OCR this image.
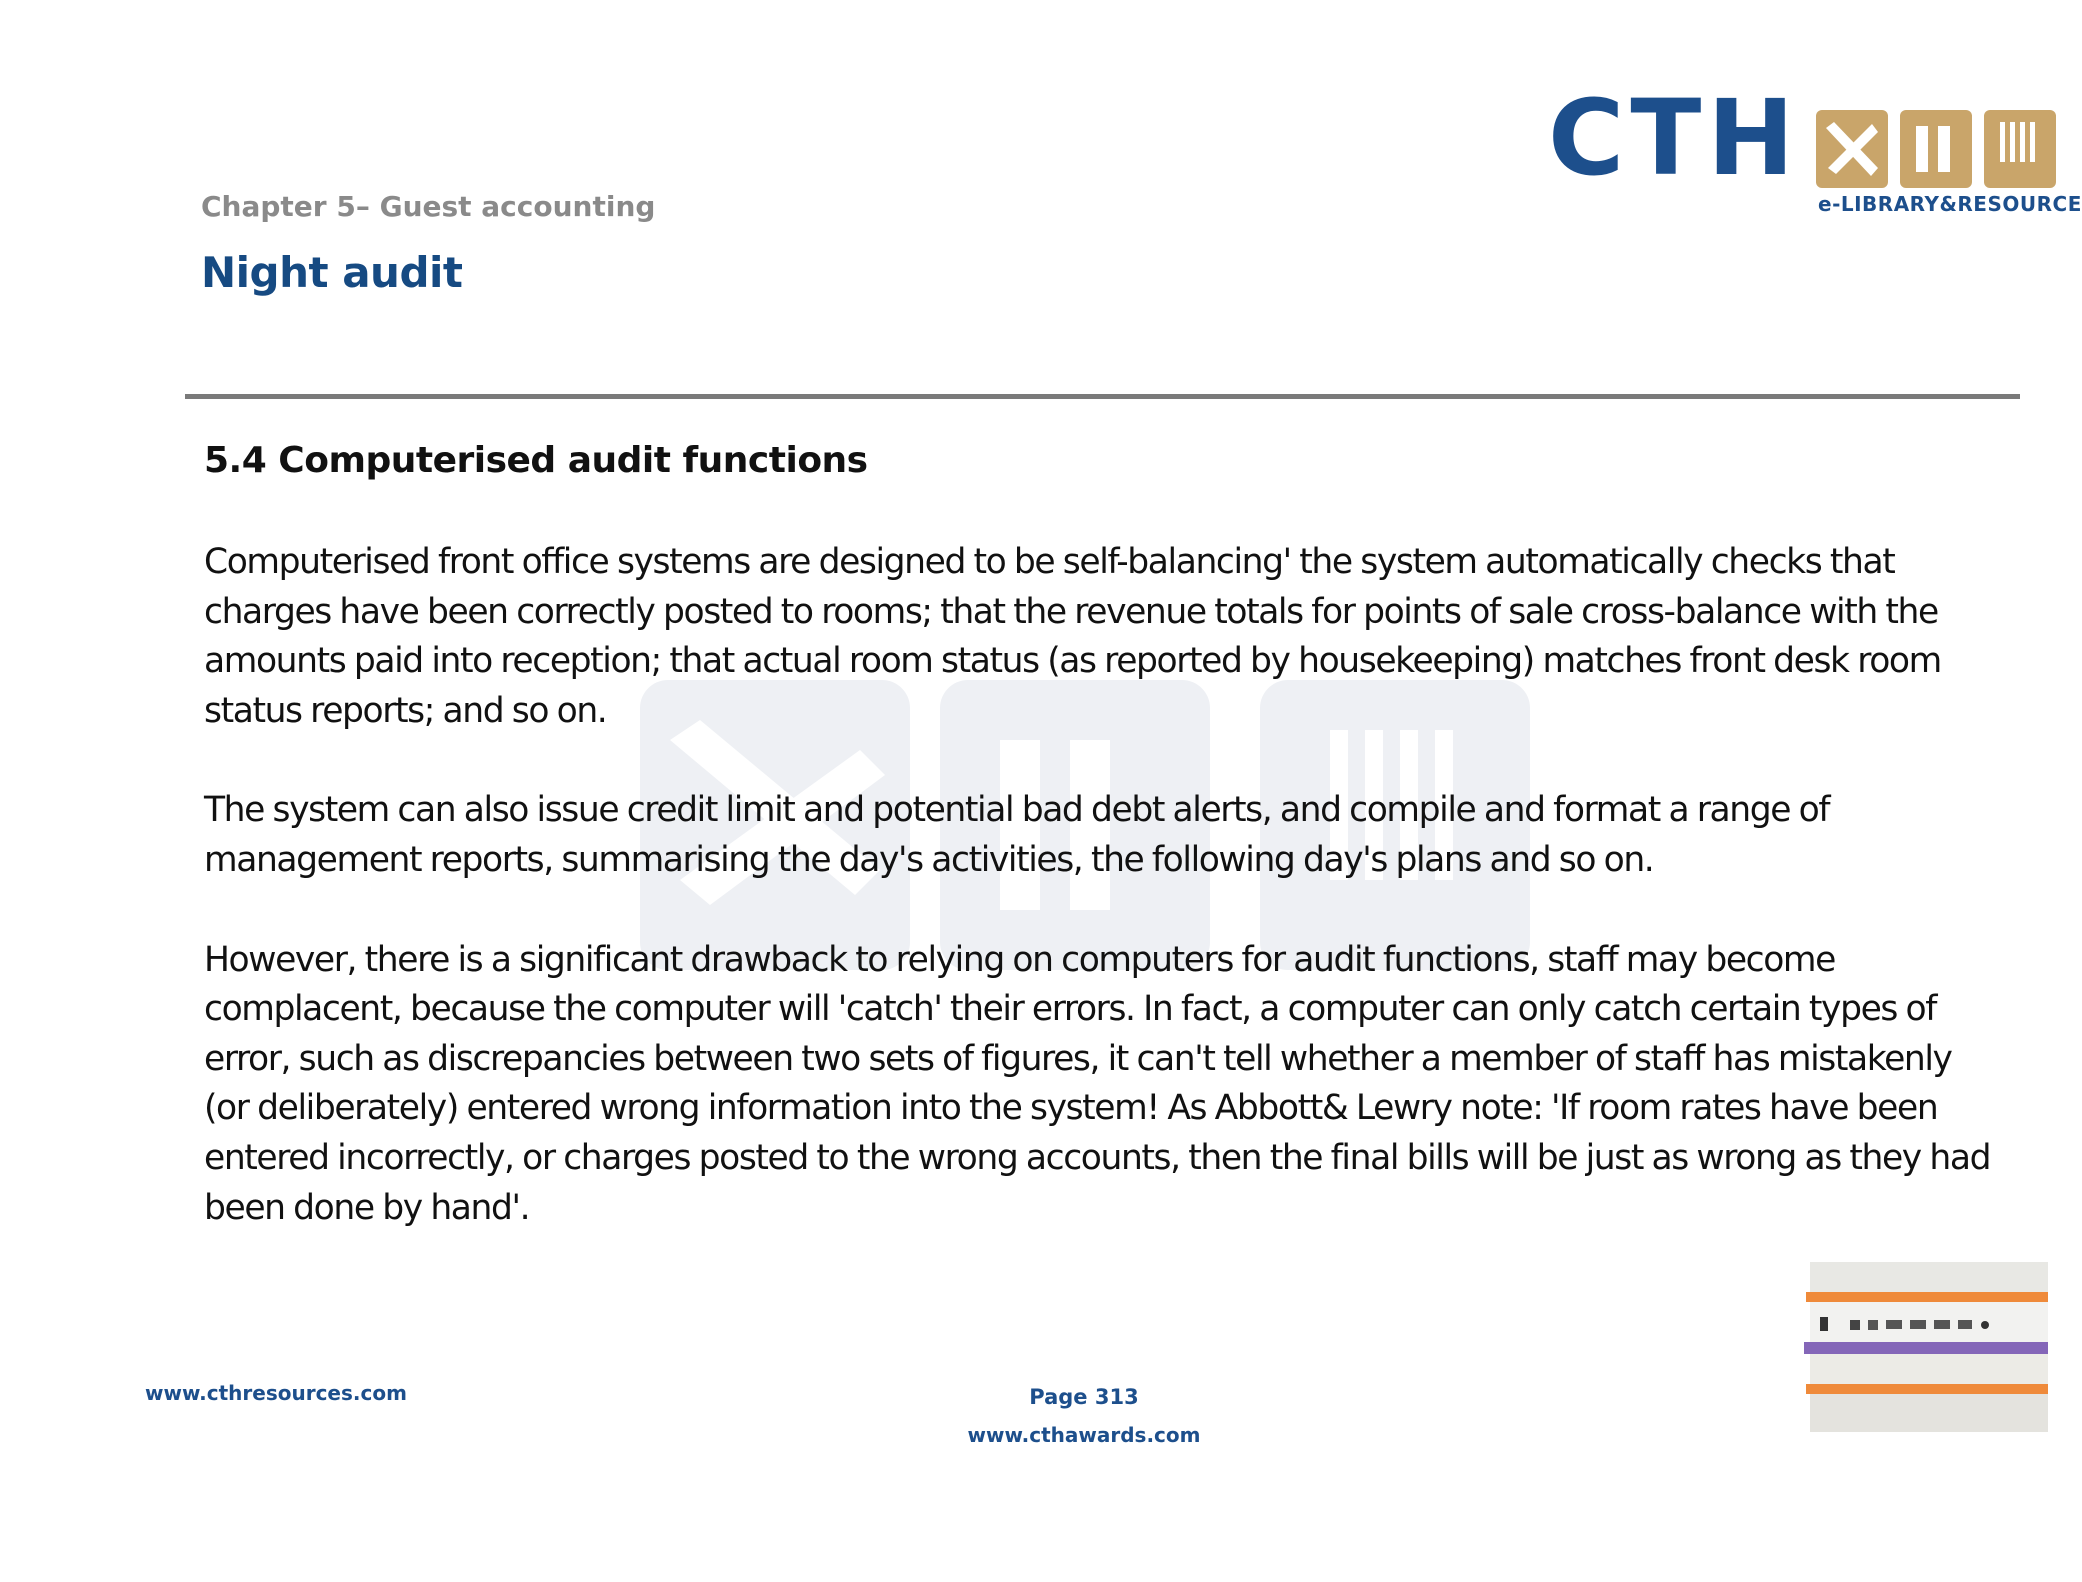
Chapter 5– Guest accounting
Night audit
CTH
e-LIBRARY&RESOURCE
5.4 Computerised audit functions

Computerised front office systems are designed to be self-balancing' the system automatically checks that charges have been correctly posted to rooms; that the revenue totals for points of sale cross-balance with the amounts paid into reception; that actual room status (as reported by housekeeping) matches front desk room status reports; and so on.

The system can also issue credit limit and potential bad debt alerts, and compile and format a range of management reports, summarising the day's activities, the following day's plans and so on.

However, there is a significant drawback to relying on computers for audit functions, staff may become complacent, because the computer will 'catch' their errors. In fact, a computer can only catch certain types of error, such as discrepancies between two sets of figures, it can't tell whether a member of staff has mistakenly (or deliberately) entered wrong information into the system! As Abbott& Lewry note: 'If room rates have been entered incorrectly, or charges posted to the wrong accounts, then the final bills will be just as wrong as they had been done by hand'.

www.cthresources.com	Page 313
www.cthawards.com
